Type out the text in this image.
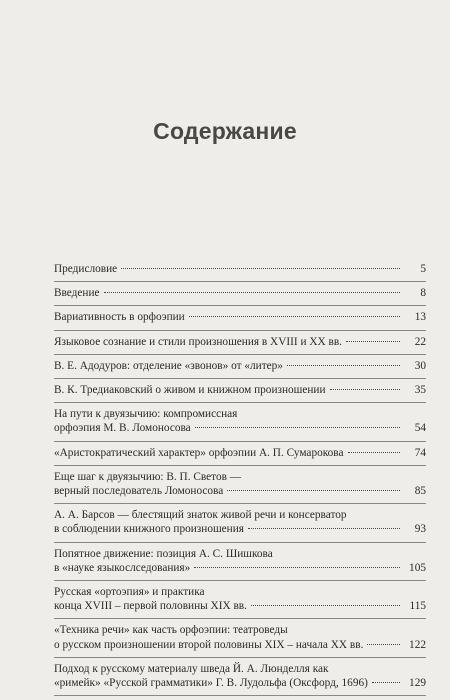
Содержание
Предисловие	5
Введение	8
Вариативность в орфоэпии	13
Языковое сознание и стили произношения в XVIII и XX вв.	22
В. Е. Адодуров: отделение «звонов» от «литер»	30
В. К. Тредиаковский о живом и книжном произношении	35
На пути к двуязычию: компромиссная
орфоэпия М. В. Ломоносова	54
«Аристократический характер» орфоэпии А. П. Сумарокова	74
Еще шаг к двуязычию: В. П. Светов —
верный последователь Ломоносова	85
А. А. Барсов — блестящий знаток живой речи и консерватор
в соблюдении книжного произношения	93
Попятное движение: позиция А. С. Шишкова
в «науке языкослседования»	105
Русская «ортоэпия» и практика
конца XVIII – первой половины XIX вв.	115
«Техника речи» как часть орфоэпии: театроведы
о русском произношении второй половины XIX – начала XX вв.	122
Подход к русскому материалу шведа Й. А. Люнделля как
«римейк» «Русской грамматики» Г. В. Лудольфа (Оксфорд, 1696)	129
